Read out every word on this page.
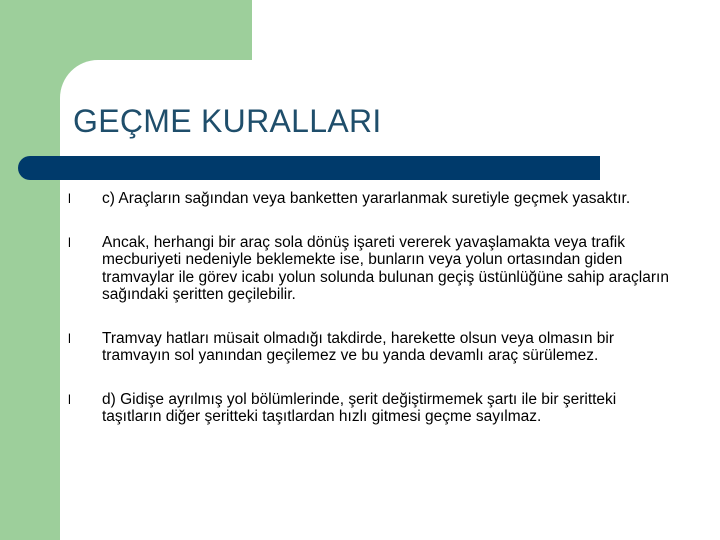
GEÇME KURALLARI
l c) Araçların sağından veya banketten yararlanmak suretiyle geçmek yasaktır.
l Ancak, herhangi bir araç sola dönüş işareti vererek yavaşlamakta veya trafik mecburiyeti nedeniyle beklemekte ise, bunların veya yolun ortasından giden tramvaylar ile görev icabı yolun solunda bulunan geçiş üstünlüğüne sahip araçların sağındaki şeritten geçilebilir.
l Tramvay hatları müsait olmadığı takdirde, harekette olsun veya olmasın bir tramvayın sol yanından geçilemez ve bu yanda devamlı araç sürülemez.
l d) Gidişe ayrılmış yol bölümlerinde, şerit değiştirmemek şartı ile bir şeritteki taşıtların diğer şeritteki taşıtlardan hızlı gitmesi geçme sayılmaz.
